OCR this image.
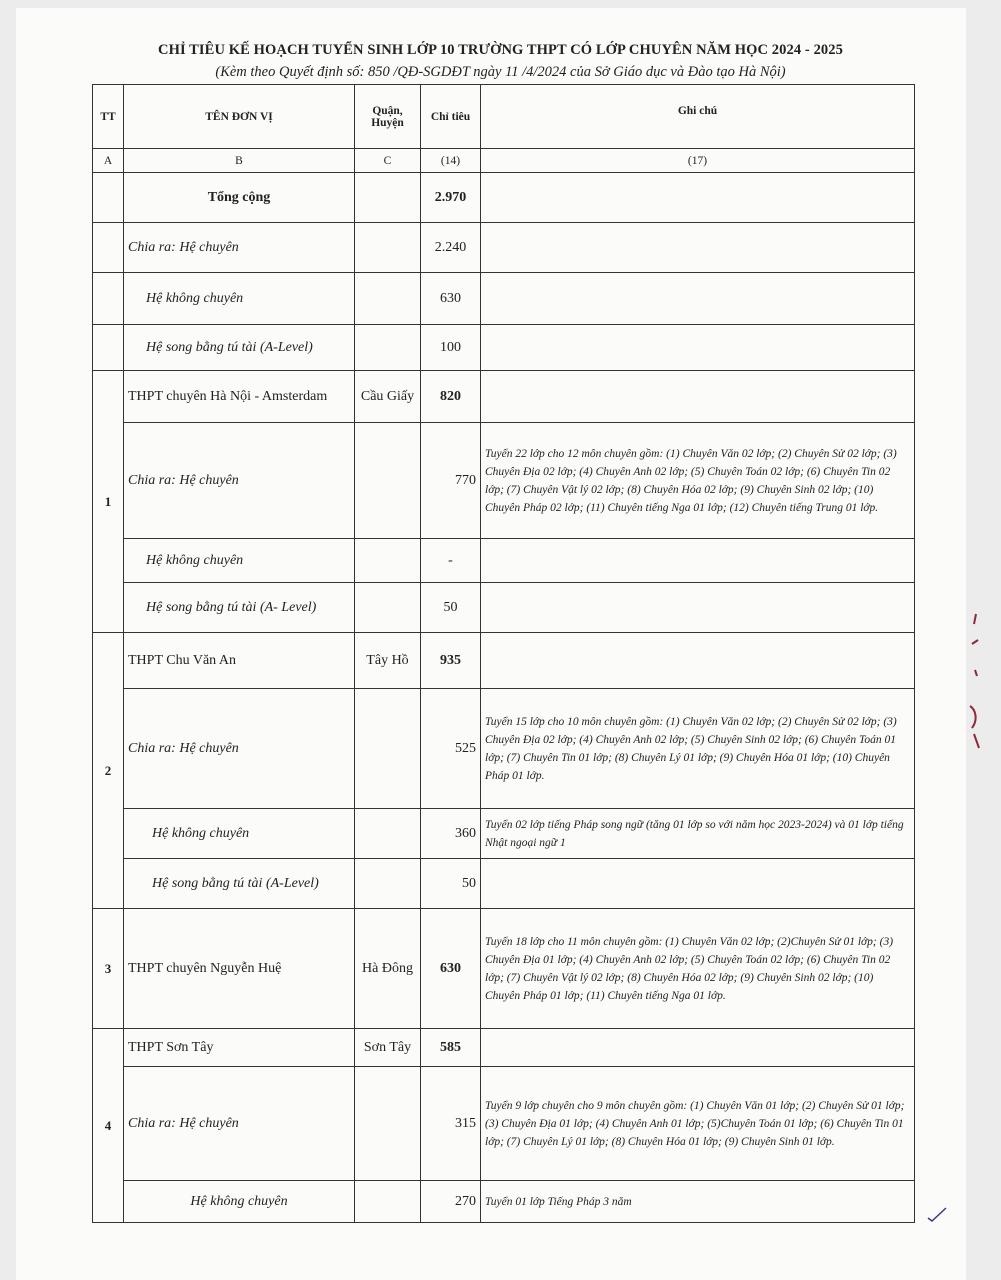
CHỈ TIÊU KẾ HOẠCH TUYỂN SINH LỚP 10 TRƯỜNG THPT CÓ LỚP CHUYÊN NĂM HỌC 2024 - 2025
(Kèm theo Quyết định số: 850 /QĐ-SGDĐT ngày 11 /4/2024 của Sở Giáo dục và Đào tạo Hà Nội)
TT	TÊN ĐƠN VỊ	Quận, Huyện	Chỉ tiêu	Ghi chú
A	B	C	(14)	(17)
	Tổng cộng		2.970	
	Chia ra: Hệ chuyên		2.240	
	Hệ không chuyên		630	
	Hệ song bằng tú tài (A-Level)		100	
1	THPT chuyên Hà Nội - Amsterdam	Cầu Giấy	820	
	Chia ra: Hệ chuyên		770	Tuyển 22 lớp cho 12 môn chuyên gồm: (1) Chuyên Văn 02 lớp; (2) Chuyên Sử 02 lớp; (3) Chuyên Địa 02 lớp; (4) Chuyên Anh 02 lớp; (5) Chuyên Toán 02 lớp; (6) Chuyên Tin 02 lớp; (7) Chuyên Vật lý 02 lớp; (8) Chuyên Hóa 02 lớp; (9) Chuyên Sinh 02 lớp; (10) Chuyên Pháp 02 lớp; (11) Chuyên tiếng Nga 01 lớp; (12) Chuyên tiếng Trung 01 lớp.
	Hệ không chuyên		-	
	Hệ song bằng tú tài (A- Level)		50	
2	THPT Chu Văn An	Tây Hồ	935	
	Chia ra: Hệ chuyên		525	Tuyển 15 lớp cho 10 môn chuyên gồm: (1) Chuyên Văn 02 lớp; (2) Chuyên Sử 02 lớp; (3) Chuyên Địa 02 lớp; (4) Chuyên Anh 02 lớp; (5) Chuyên Sinh 02 lớp; (6) Chuyên Toán 01 lớp; (7) Chuyên Tin 01 lớp; (8) Chuyên Lý 01 lớp; (9) Chuyên Hóa 01 lớp; (10) Chuyên Pháp 01 lớp.
	Hệ không chuyên		360	Tuyển 02 lớp tiếng Pháp song ngữ (tăng 01 lớp so với năm học 2023-2024) và 01 lớp tiếng Nhật ngoại ngữ 1
	Hệ song bằng tú tài (A-Level)		50	
3	THPT chuyên Nguyễn Huệ	Hà Đông	630	Tuyển 18 lớp cho 11 môn chuyên gồm: (1) Chuyên Văn 02 lớp; (2)Chuyên Sử 01 lớp; (3) Chuyên Địa 01 lớp; (4) Chuyên Anh 02 lớp; (5) Chuyên Toán 02 lớp; (6) Chuyên Tin 02 lớp; (7) Chuyên Vật lý 02 lớp; (8) Chuyên Hóa 02 lớp; (9) Chuyên Sinh 02 lớp; (10) Chuyên Pháp 01 lớp; (11) Chuyên tiếng Nga 01 lớp.
4	THPT Sơn Tây	Sơn Tây	585	
	Chia ra: Hệ chuyên		315	Tuyển 9 lớp chuyên cho 9 môn chuyên gồm: (1) Chuyên Văn 01 lớp; (2) Chuyên Sử 01 lớp; (3) Chuyên Địa 01 lớp; (4) Chuyên Anh 01 lớp; (5)Chuyên Toán 01 lớp; (6) Chuyên Tin 01 lớp; (7) Chuyên Lý 01 lớp; (8) Chuyên Hóa 01 lớp; (9) Chuyên Sinh 01 lớp.
	Hệ không chuyên		270	Tuyển 01 lớp Tiếng Pháp 3 năm
